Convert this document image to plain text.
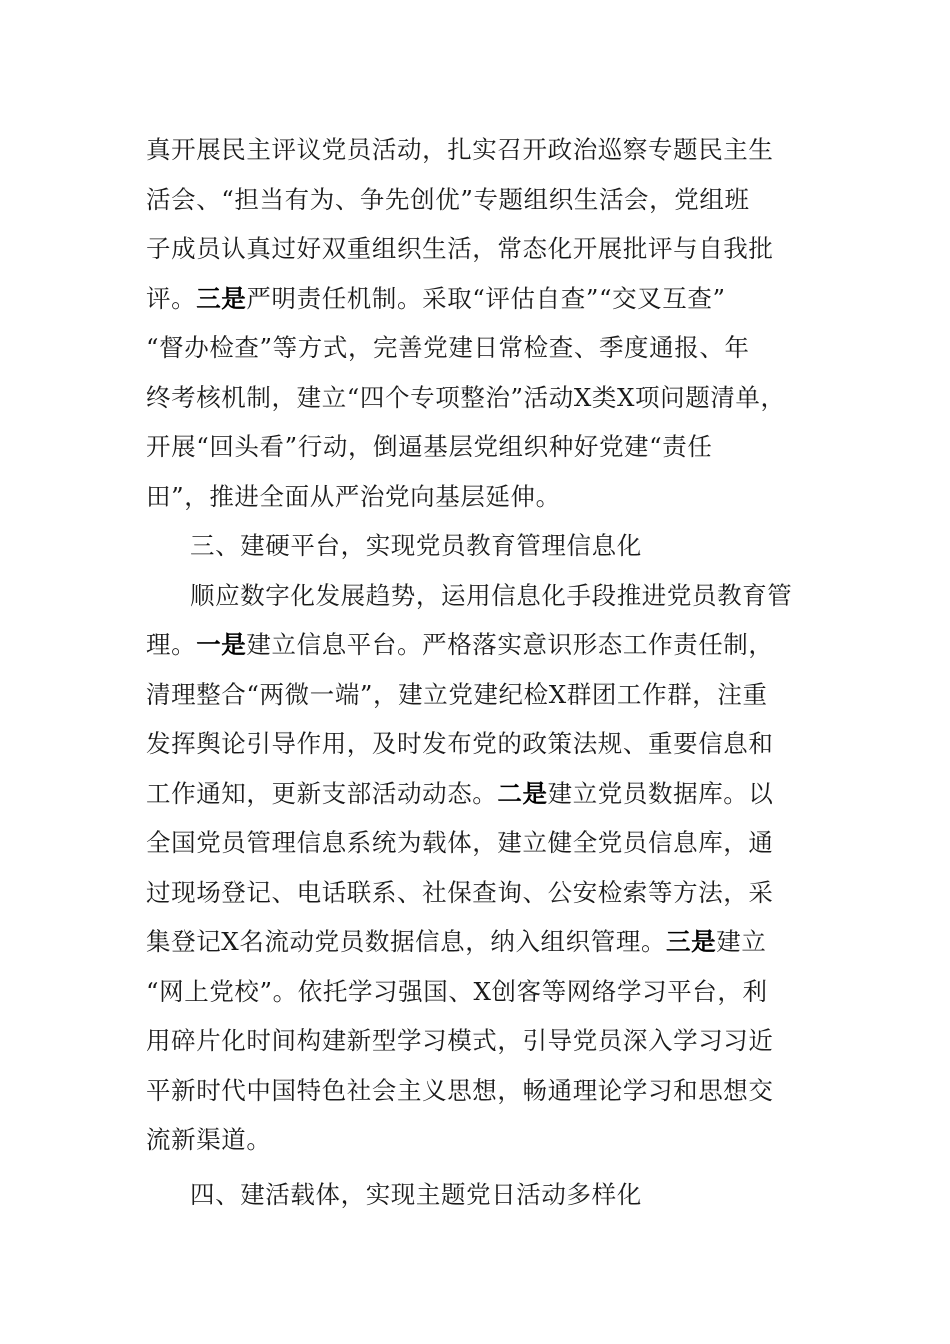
真开展民主评议党员活动，扎实召开政治巡察专题民主生
活会、“担当有为、争先创优”专题组织生活会，党组班
子成员认真过好双重组织生活，常态化开展批评与自我批
评。三是严明责任机制。采取“评估自查”“交叉互查”
“督办检查”等方式，完善党建日常检查、季度通报、年
终考核机制，建立“四个专项整治”活动X类X项问题清单，
开展“回头看”行动，倒逼基层党组织种好党建“责任
田”，推进全面从严治党向基层延伸。
三、建硬平台，实现党员教育管理信息化
顺应数字化发展趋势，运用信息化手段推进党员教育管
理。一是建立信息平台。严格落实意识形态工作责任制，
清理整合“两微一端”，建立党建纪检X群团工作群，注重
发挥舆论引导作用，及时发布党的政策法规、重要信息和
工作通知，更新支部活动动态。二是建立党员数据库。以
全国党员管理信息系统为载体，建立健全党员信息库，通
过现场登记、电话联系、社保查询、公安检索等方法，采
集登记X名流动党员数据信息，纳入组织管理。三是建立
“网上党校”。依托学习强国、X创客等网络学习平台，利
用碎片化时间构建新型学习模式，引导党员深入学习习近
平新时代中国特色社会主义思想，畅通理论学习和思想交
流新渠道。
四、建活载体，实现主题党日活动多样化
